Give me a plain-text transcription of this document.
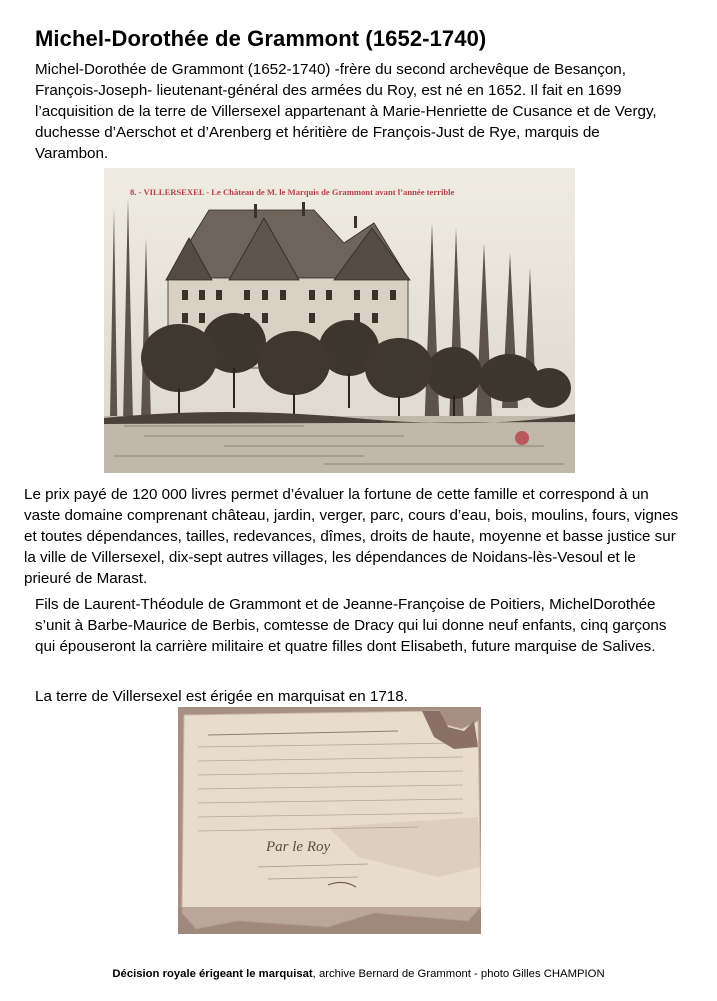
Michel-Dorothée de Grammont (1652-1740)

Michel-Dorothée de Grammont (1652-1740) -frère du second archevêque de Besançon, François-Joseph- lieutenant-général des armées du Roy, est né en 1652. Il fait en 1699 l’acquisition de la terre de Villersexel appartenant à Marie-Henriette de Cusance et de Vergy, duchesse d’Aerschot et d’Arenberg et héritière de François-Just de Rye, marquis de Varambon.

8. - VILLERSEXEL - Le Château de M. le Marquis de Grammont avant l’année terrible

Le prix payé de 120 000 livres permet d’évaluer la fortune de cette famille et correspond à un vaste domaine comprenant château, jardin, verger, parc, cours d’eau, bois, moulins, fours, vignes et toutes dépendances, tailles, redevances, dîmes, droits de haute, moyenne et basse justice sur la ville de Villersexel, dix-sept autres villages, les dépendances de Noidans-lès-Vesoul et le prieuré de Marast.

Fils de Laurent-Théodule de Grammont et de Jeanne-Françoise de Poitiers, MichelDorothée s’unit à Barbe-Maurice de Berbis, comtesse de Dracy qui lui donne neuf enfants, cinq garçons qui épouseront la carrière militaire et quatre filles dont Elisabeth, future marquise de Salives.

La terre de Villersexel est érigée en marquisat en 1718.

Par le Roy
Décision royale érigeant le marquisat, archive Bernard de Grammont - photo Gilles CHAMPION
